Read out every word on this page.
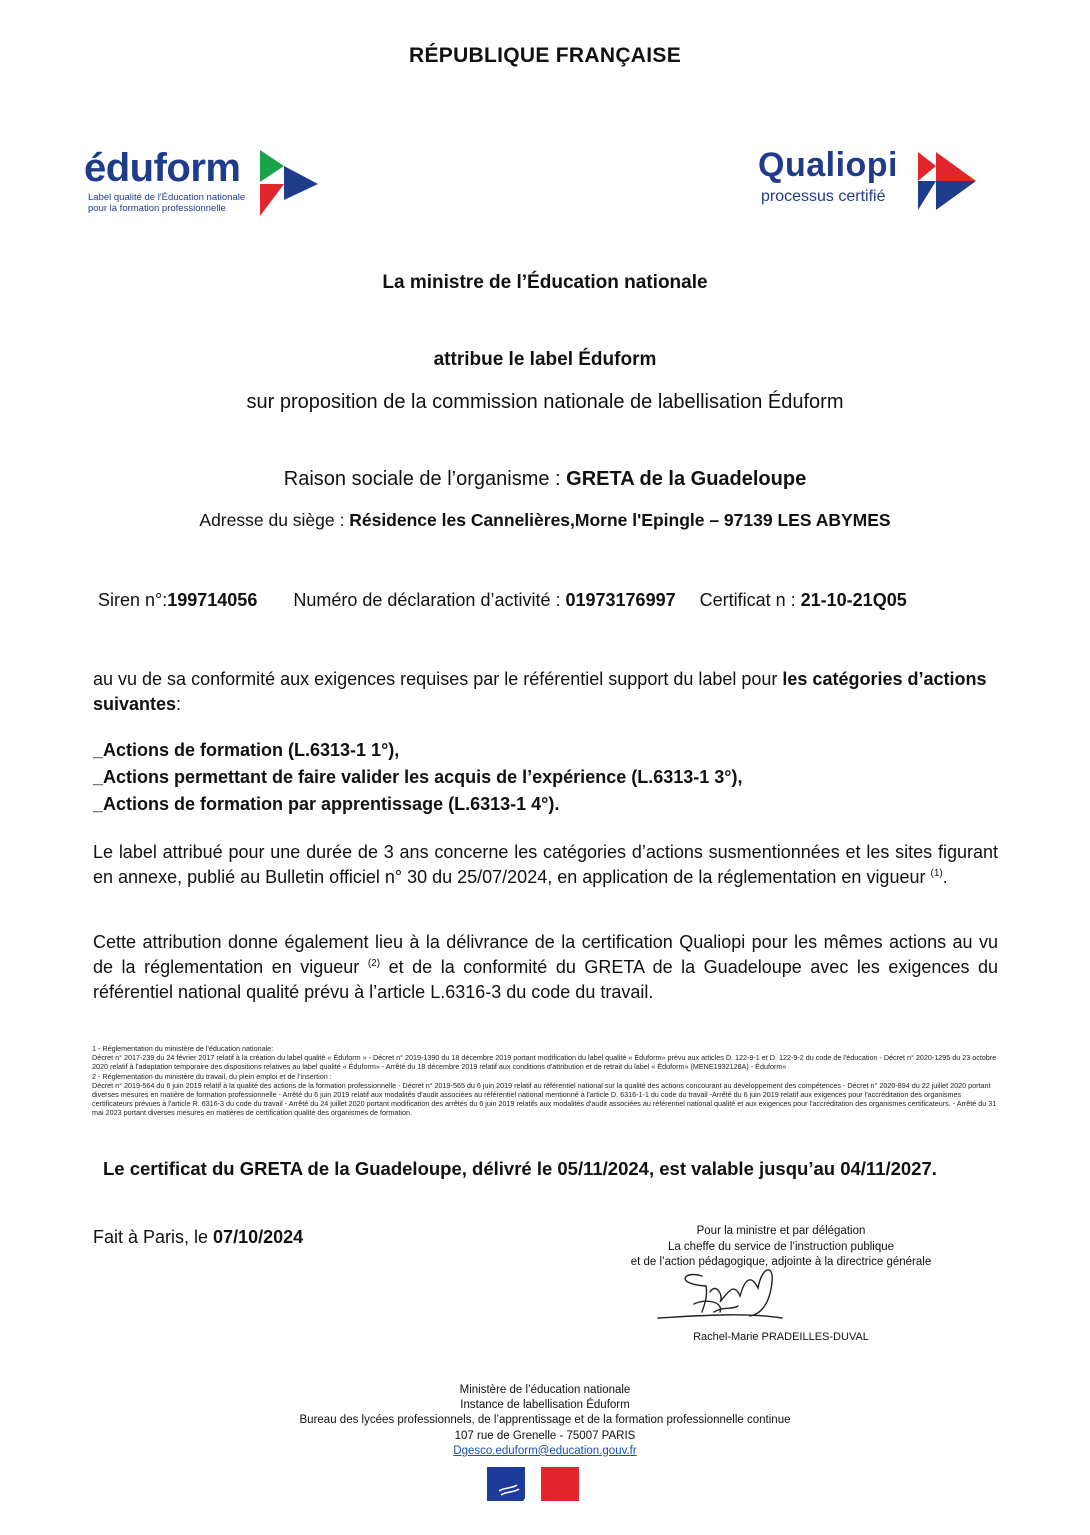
RÉPUBLIQUE FRANÇAISE
éduform
Label qualité de l'Éducation nationale
pour la formation professionnelle
Qualiopi
processus certifié
La ministre de l’Éducation nationale
attribue le label Éduform
sur proposition de la commission nationale de labellisation Éduform
Raison sociale de l’organisme : GRETA de la Guadeloupe
Adresse du siège : Résidence les Cannelières,Morne l'Epingle – 97139 LES ABYMES
Siren n°:199714056 Numéro de déclaration d’activité : 01973176997 Certificat n : 21-10-21Q05
au vu de sa conformité aux exigences requises par le référentiel support du label pour les catégories d’actions suivantes:
_Actions de formation (L.6313-1 1°),
_Actions permettant de faire valider les acquis de l’expérience (L.6313-1 3°),
_Actions de formation par apprentissage (L.6313-1 4°).
Le label attribué pour une durée de 3 ans concerne les catégories d’actions susmentionnées et les sites figurant en annexe, publié au Bulletin officiel n° 30 du 25/07/2024, en application de la réglementation en vigueur $^{(1)}$.
Cette attribution donne également lieu à la délivrance de la certification Qualiopi pour les mêmes actions au vu de la réglementation en vigueur $^{(2)}$ et de la conformité du GRETA de la Guadeloupe avec les exigences du référentiel national qualité prévu à l’article L.6316-3 du code du travail.
1 - Réglementation du ministère de l'éducation nationale:
Décret n° 2017-239 du 24 février 2017 relatif à la création du label qualité « Éduform » - Décret n° 2019-1390 du 18 décembre 2019 portant modification du label qualité « Éduform» prévu aux articles D. 122-9-1 et D. 122-9-2 du code de l'éducation - Décret n° 2020-1295 du 23 octobre 2020 relatif à l'adaptation temporaire des dispositions relatives au label qualité « Éduform» - Arrêté du 18 décembre 2019 relatif aux conditions d'attribution et de retrait du label « Éduform» (MENE1932128A) - Éduform»
2 - Réglementation du ministère du travail, du plein emploi et de l’insertion :
Décret n° 2019-564 du 6 juin 2019 relatif à la qualité des actions de la formation professionnelle - Décret n° 2019-565 du 6 juin 2019 relatif au référentiel national sur la qualité des actions concourant au développement des compétences - Décret n° 2020-894 du 22 juillet 2020 portant diverses mesures en matière de formation professionnelle - Arrêté du 6 juin 2019 relatif aux modalités d'audit associées au référentiel national mentionné à l'article D. 6316-1-1 du code du travail -Arrêté du 6 juin 2019 relatif aux exigences pour l'accréditation des organismes certificateurs prévues à l'article R. 6316-3 du code du travail - Arrêté du 24 juillet 2020 portant modification des arrêtés du 6 juin 2019 relatifs aux modalités d'audit associées au référentiel national qualité et aux exigences pour l'accréditation des organismes certificateurs. - Arrêté du 31 mai 2023 portant diverses mesures en matières de certification qualité des organismes de formation.
Le certificat du GRETA de la Guadeloupe, délivré le 05/11/2024, est valable jusqu’au 04/11/2027.
Fait à Paris, le 07/10/2024	Pour la ministre et par délégation
La cheffe du service de l’instruction publique
et de l’action pédagogique, adjointe à la directrice générale
Rachel-Marie PRADEILLES-DUVAL
Ministère de l’éducation nationale
Instance de labellisation Éduform
Bureau des lycées professionnels, de l’apprentissage et de la formation professionnelle continue
107 rue de Grenelle - 75007 PARIS
Dgesco.eduform@education.gouv.fr
